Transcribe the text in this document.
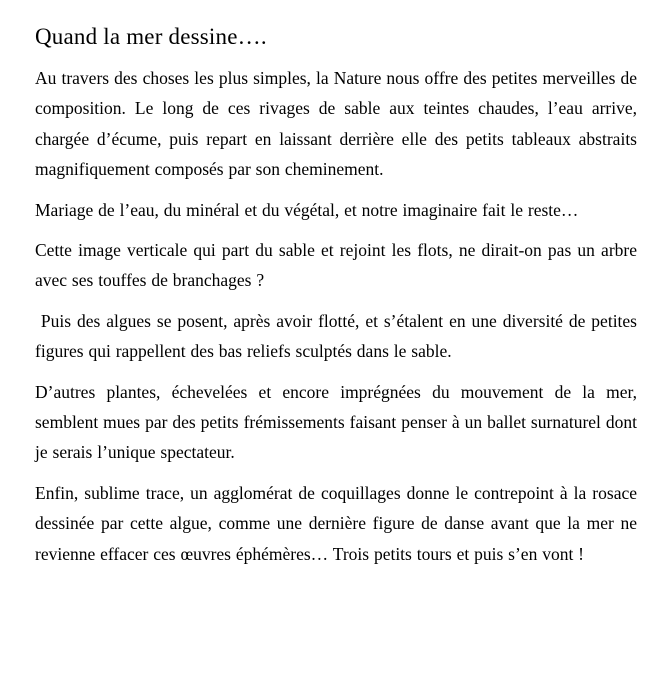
Quand la mer dessine….

Au travers des choses les plus simples, la Nature nous offre des petites merveilles de composition. Le long de ces rivages de sable aux teintes chaudes, l’eau arrive, chargée d’écume, puis repart en laissant derrière elle des petits tableaux abstraits magnifiquement composés par son cheminement.

Mariage de l’eau, du minéral et du végétal, et notre imaginaire fait le reste…

Cette image verticale qui part du sable et rejoint les flots, ne dirait-on pas un arbre avec ses touffes de branchages ?

Puis des algues se posent, après avoir flotté, et s’étalent en une diversité de petites figures qui rappellent des bas reliefs sculptés dans le sable.

D’autres plantes, échevelées et encore imprégnées du mouvement de la mer, semblent mues par des petits frémissements faisant penser à un ballet surnaturel dont je serais l’unique spectateur.

Enfin, sublime trace, un agglomérat de coquillages donne le contrepoint à la rosace dessinée par cette algue, comme une dernière figure de danse avant que la mer ne revienne effacer ces œuvres éphémères… Trois petits tours et puis s’en vont !
